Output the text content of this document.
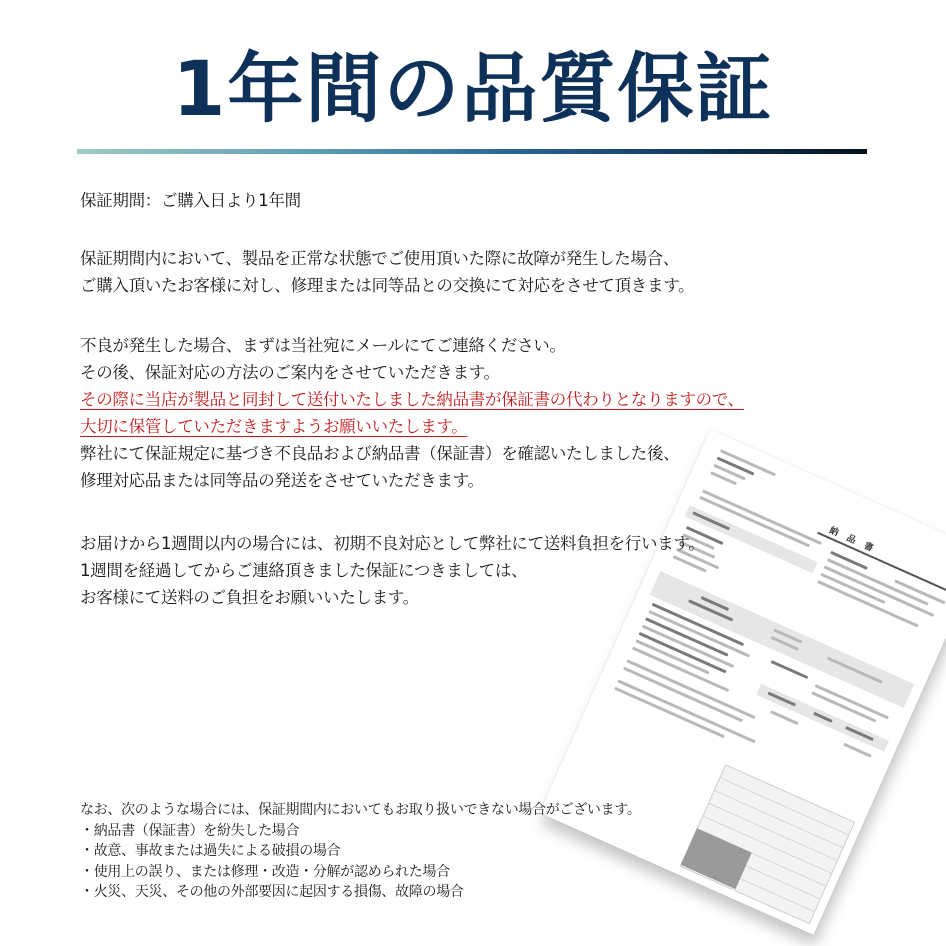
1年間の品質保証
納品書

保証期間：ご購入日より1年間

保証期間内において、製品を正常な状態でご使用頂いた際に故障が発生した場合、

ご購入頂いたお客様に対し、修理または同等品との交換にて対応をさせて頂きます。

不良が発生した場合、まずは当社宛にメールにてご連絡ください。

その後、保証対応の方法のご案内をさせていただきます。

その際に当店が製品と同封して送付いたしました納品書が保証書の代わりとなりますので、

大切に保管していただきますようお願いいたします。

弊社にて保証規定に基づき不良品および納品書（保証書）を確認いたしました後、

修理対応品または同等品の発送をさせていただきます。

お届けから1週間以内の場合には、初期不良対応として弊社にて送料負担を行います。

1週間を経過してからご連絡頂きました保証につきましては、

お客様にて送料のご負担をお願いいたします。

なお、次のような場合には、保証期間内においてもお取り扱いできない場合がございます。

・納品書（保証書）を紛失した場合

・故意、事故または過失による破損の場合

・使用上の誤り、または修理・改造・分解が認められた場合

・火災、天災、その他の外部要因に起因する損傷、故障の場合
